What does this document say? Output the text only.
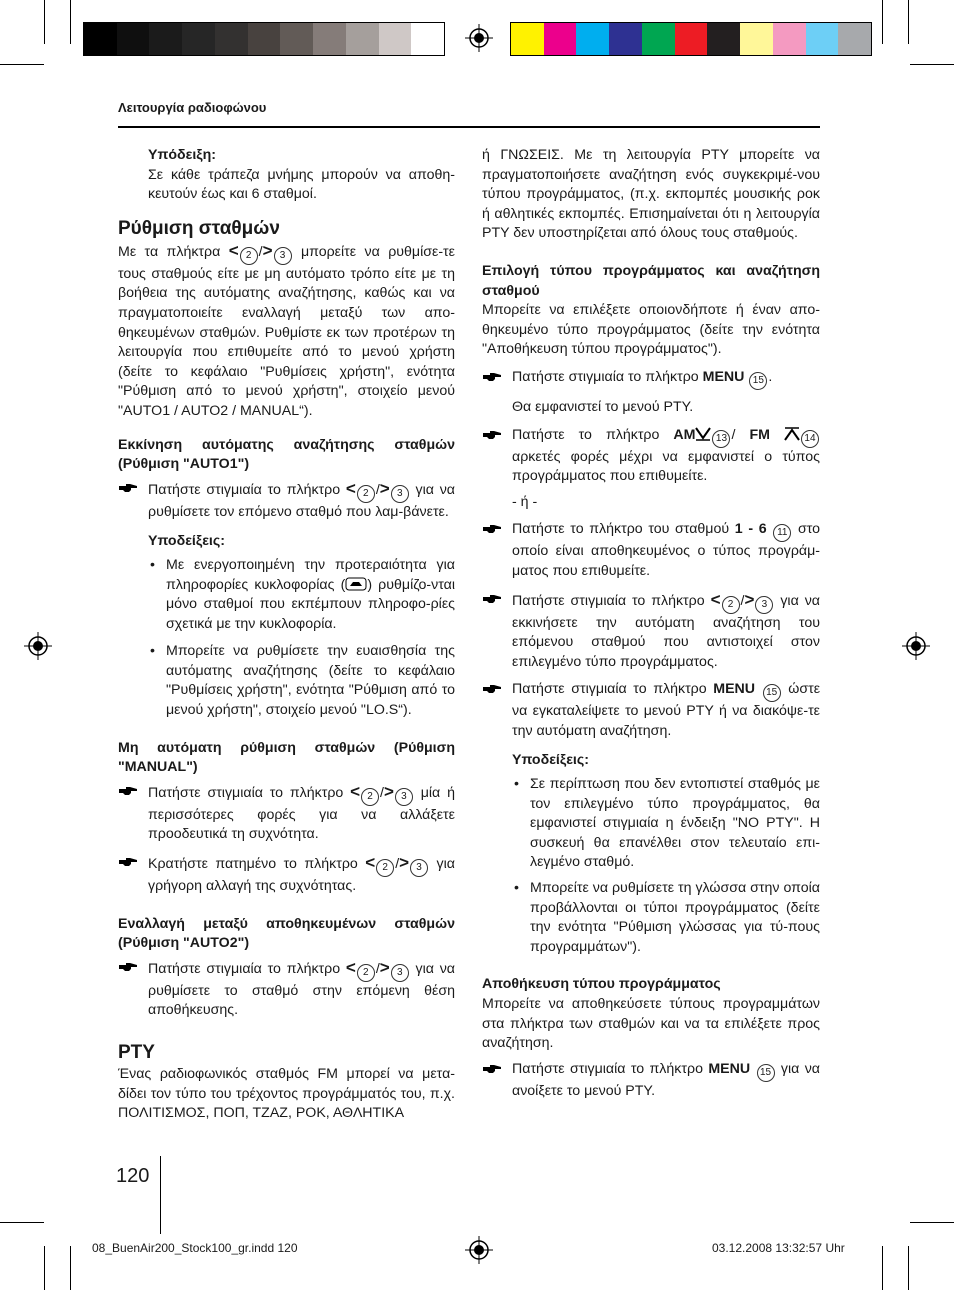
Λειτουργία ραδιοφώνου

Υπόδειξη:

Σε κάθε τράπεζα μνήμης μπορούν να αποθη-κευτούν έως και 6 σταθμοί.

Ρύθμιση σταθμών

Με τα πλήκτρα < 2 /> 3 μπορείτε να ρυθμίσε-τε τους σταθμούς είτε με μη αυτόματο τρόπο είτε με τη βοήθεια της αυτόματης αναζήτησης, καθώς και να πραγματοποιείτε εναλλαγή μεταξύ των απο-θηκευμένων σταθμών. Ρυθμίστε εκ των προτέρων τη λειτουργία που επιθυμείτε από το μενού χρήστη (δείτε το κεφάλαιο "Ρυθμίσεις χρήστη", ενότητα "Ρύθμιση από το μενού χρήστη", στοιχείο μενού "AUTO1 / AUTO2 / MANUAL“).

Εκκίνηση αυτόματης αναζήτησης σταθμών (Ρύθμιση "AUTO1")

Πατήστε στιγμιαία το πλήκτρο < 2 /> 3 για να ρυθμίσετε τον επόμενο σταθμό που λαμ-βάνετε.

Υποδείξεις:

• Με ενεργοποιημένη την προτεραιότητα για πληροφορίες κυκλοφορίας ( ) ρυθμίζο-νται μόνο σταθμοί που εκπέμπουν πληροφο-ρίες σχετικά με την κυκλοφορία.

• Μπορείτε να ρυθμίσετε την ευαισθησία της αυτόματης αναζήτησης (δείτε το κεφάλαιο "Ρυθμίσεις χρήστη", ενότητα "Ρύθμιση από το μενού χρήστη", στοιχείο μενού "LO.S“).

Μη αυτόματη ρύθμιση σταθμών (Ρύθμιση "MANUAL")

Πατήστε στιγμιαία το πλήκτρο < 2 /> 3 μία ή περισσότερες φορές για να αλλάξετε προοδευτικά τη συχνότητα.

Κρατήστε πατημένο το πλήκτρο < 2 /> 3 για γρήγορη αλλαγή της συχνότητας.

Εναλλαγή μεταξύ αποθηκευμένων σταθμών (Ρύθμιση "AUTO2")

Πατήστε στιγμιαία το πλήκτρο < 2 /> 3 για να ρυθμίσετε το σταθμό στην επόμενη θέση αποθήκευσης.

PTY

Ένας ραδιοφωνικός σταθμός FM μπορεί να μετα-δίδει τον τύπο του τρέχοντος προγράμματός του, π.χ. ΠΟΛΙΤΙΣΜΟΣ, ΠΟΠ, ΤΖΑΖ, ΡΟΚ, ΑΘΛΗΤΙΚΑ

ή ΓΝΩΣΕΙΣ. Με τη λειτουργία PTY μπορείτε να πραγματοποιήσετε αναζήτηση ενός συγκεκριμέ-νου τύπου προγράμματος, (π.χ. εκπομπές μουσικής ροκ ή αθλητικές εκπομπές. Επισημαίνεται ότι η λειτουργία PTY δεν υποστηρίζεται από όλους τους σταθμούς.

Επιλογή τύπου προγράμματος και αναζήτηση σταθμού

Μπορείτε να επιλέξετε οποιονδήποτε ή έναν απο-θηκευμένο τύπο προγράμματος (δείτε την ενότητα "Αποθήκευση τύπου προγράμματος").

Πατήστε στιγμιαία το πλήκτρο MENU 15 .

Θα εμφανιστεί το μενού PTY.

Πατήστε το πλήκτρο AM 13 / FM	14 αρκετές φορές μέχρι να εμφανιστεί ο τύπος προγράμματος που επιθυμείτε.

- ή -

Πατήστε το πλήκτρο του σταθμού 1 - 6 11 στο οποίο είναι αποθηκευμένος ο τύπος προγράμ-ματος που επιθυμείτε.

Πατήστε στιγμιαία το πλήκτρο < 2 /> 3 για να εκκινήσετε την αυτόματη αναζήτηση του επόμενου σταθμού που αντιστοιχεί στον επιλεγμένο τύπο προγράμματος.

Πατήστε στιγμιαία το πλήκτρο MENU 15 ώστε να εγκαταλείψετε το μενού PTY ή να διακόψε-τε την αυτόματη αναζήτηση.

Υποδείξεις:

• Σε περίπτωση που δεν εντοπιστεί σταθμός με τον επιλεγμένο τύπο προγράμματος, θα εμφανιστεί στιγμιαία η ένδειξη "NO PTY". Η συσκευή θα επανέλθει στον τελευταίο επι-λεγμένο σταθμό.

• Μπορείτε να ρυθμίσετε τη γλώσσα στην οποία προβάλλονται οι τύποι προγράμματος (δείτε την ενότητα "Ρύθμιση γλώσσας για τύ-πους προγραμμάτων").

Αποθήκευση τύπου προγράμματος

Μπορείτε να αποθηκεύσετε τύπους προγραμμάτων στα πλήκτρα των σταθμών και να τα επιλέξετε προς αναζήτηση.

Πατήστε στιγμιαία το πλήκτρο MENU 15 για να ανοίξετε το μενού PTY.

120
08_BuenAir200_Stock100_gr.indd 120	03.12.2008 13:32:57 Uhr
